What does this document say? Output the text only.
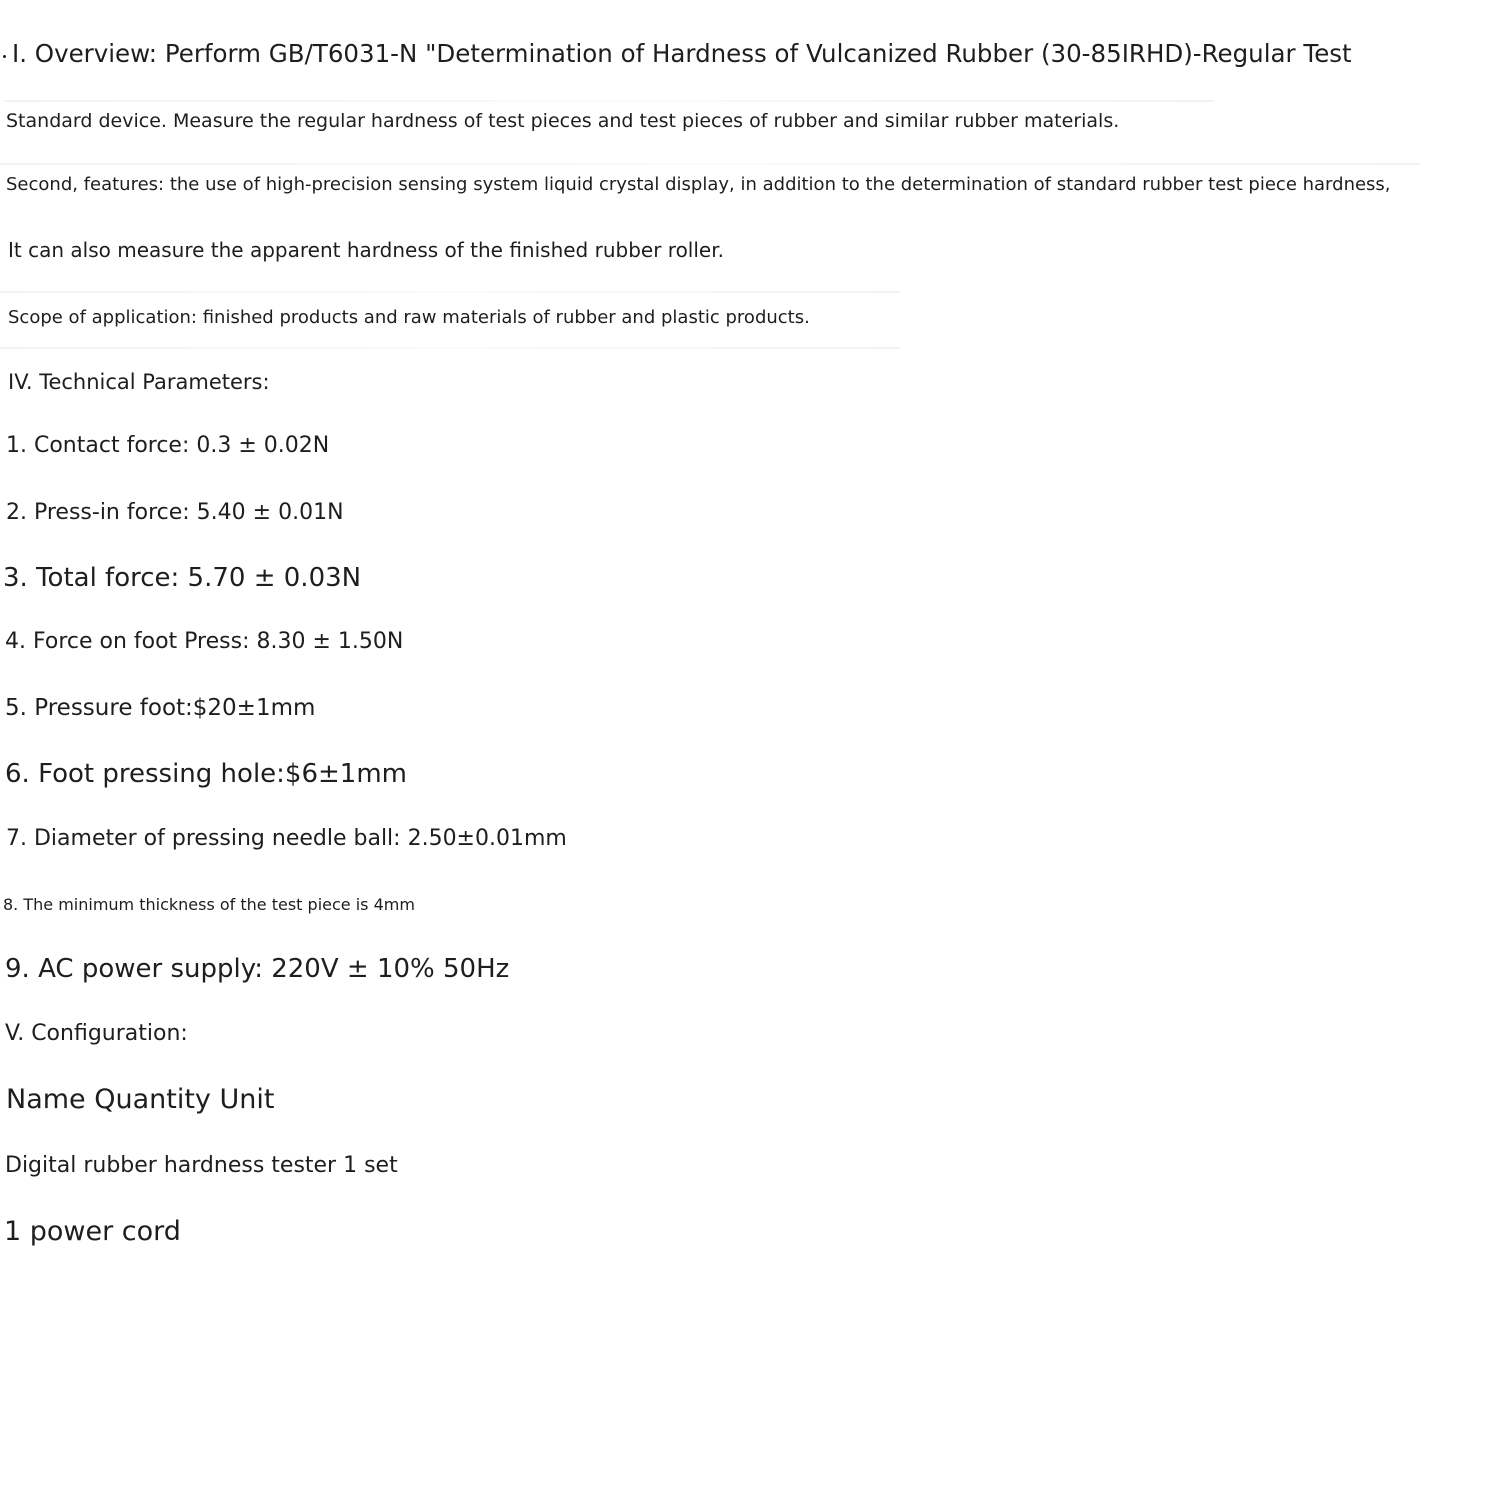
I. Overview: Perform GB/T6031-N "Determination of Hardness of Vulcanized Rubber (30-85IRHD)-Regular Test

Standard device. Measure the regular hardness of test pieces and test pieces of rubber and similar rubber materials.

Second, features: the use of high-precision sensing system liquid crystal display, in addition to the determination of standard rubber test piece hardness,

It can also measure the apparent hardness of the finished rubber roller.

Scope of application: finished products and raw materials of rubber and plastic products.

IV. Technical Parameters:

1. Contact force: 0.3 ± 0.02N

2. Press-in force: 5.40 ± 0.01N

3. Total force: 5.70 ± 0.03N

4. Force on foot Press: 8.30 ± 1.50N

5. Pressure foot:$20±1mm

6. Foot pressing hole:$6±1mm

7. Diameter of pressing needle ball: 2.50±0.01mm

8. The minimum thickness of the test piece is 4mm

9. AC power supply: 220V ± 10% 50Hz

V. Configuration:

Name Quantity Unit

Digital rubber hardness tester 1 set

1 power cord
